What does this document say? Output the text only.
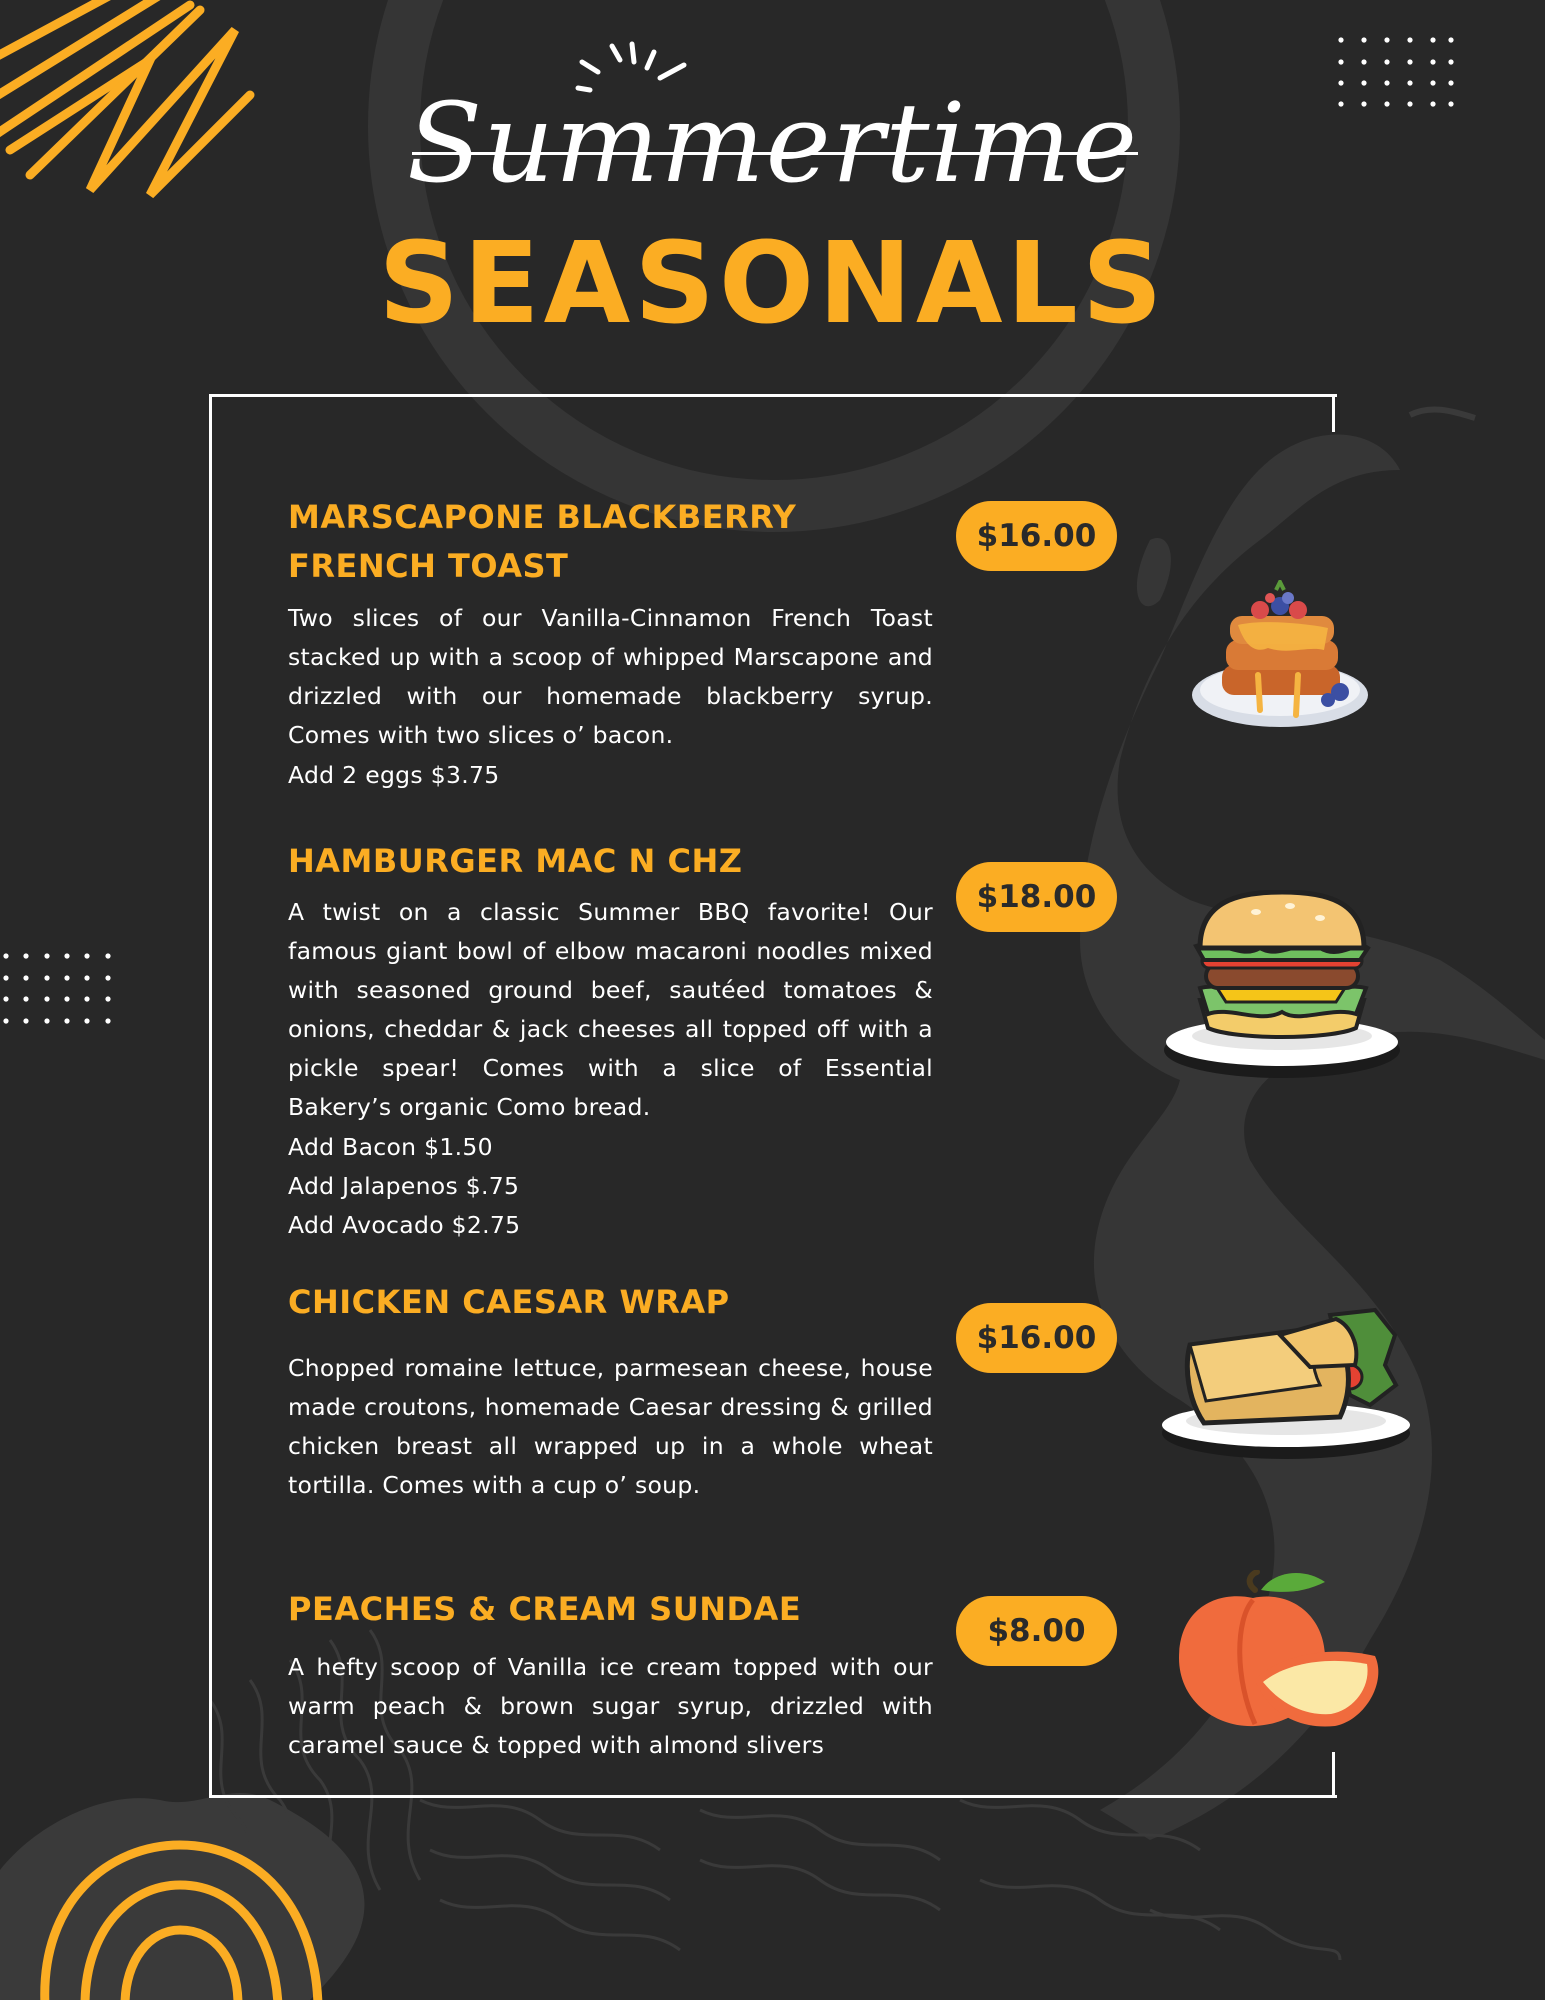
Summertime
SEASONALS
MARSCAPONE BLACKBERRY
FRENCH TOAST
$16.00
Two slices of our Vanilla-Cinnamon French Toast stacked up with a scoop of whipped Marscapone and drizzled with our homemade blackberry syrup. Comes with two slices o’ bacon.
Add 2 eggs $3.75
HAMBURGER MAC N CHZ
$18.00
A twist on a classic Summer BBQ favorite! Our famous giant bowl of elbow macaroni noodles mixed with seasoned ground beef, sautéed tomatoes & onions, cheddar & jack cheeses all topped off with a pickle spear! Comes with a slice of Essential Bakery’s organic Como bread.
Add Bacon $1.50
Add Jalapenos $.75
Add Avocado $2.75
CHICKEN CAESAR WRAP
$16.00
Chopped romaine lettuce, parmesean cheese, house made croutons, homemade Caesar dressing & grilled chicken breast all wrapped up in a whole wheat tortilla. Comes with a cup o’ soup.
PEACHES & CREAM SUNDAE
$8.00
A hefty scoop of Vanilla ice cream topped with our warm peach & brown sugar syrup, drizzled with caramel sauce & topped with almond slivers
